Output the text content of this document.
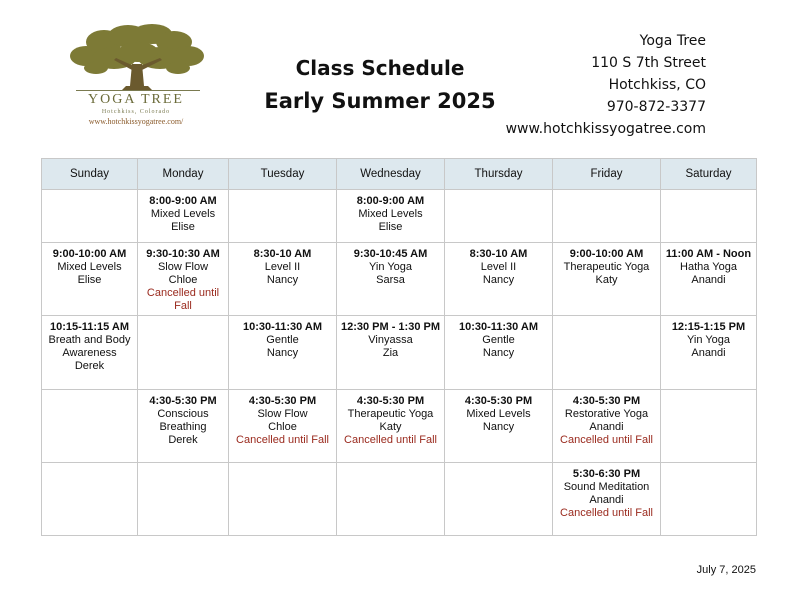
YOGA TREE
Hotchkiss, Colorado
www.hotchkissyogatree.com/
Class Schedule
Early Summer 2025
Yoga Tree
110 S 7th Street
Hotchkiss, CO
970-872-3377
www.hotchkissyogatree.com
Sunday	Monday	Tuesday	Wednesday	Thursday	Friday	Saturday

	8:00-9:00 AM
Mixed Levels
Elise		8:00-9:00 AM
Mixed Levels
Elise			

9:00-10:00 AM
Mixed Levels
Elise	9:30-10:30 AM
Slow Flow
Chloe
Cancelled until Fall	8:30-10 AM
Level II
Nancy	9:30-10:45 AM
Yin Yoga
Sarsa	8:30-10 AM
Level II
Nancy	9:00-10:00 AM
Therapeutic Yoga
Katy	11:00 AM - Noon
Hatha Yoga
Anandi

10:15-11:15 AM
Breath and Body Awareness
Derek		10:30-11:30 AM
Gentle
Nancy	12:30 PM - 1:30 PM
Vinyassa
Zia	10:30-11:30 AM
Gentle
Nancy		12:15-1:15 PM
Yin Yoga
Anandi

	4:30-5:30 PM
Conscious Breathing
Derek	4:30-5:30 PM
Slow Flow
Chloe
Cancelled until Fall	4:30-5:30 PM
Therapeutic Yoga
Katy
Cancelled until Fall	4:30-5:30 PM
Mixed Levels
Nancy	4:30-5:30 PM
Restorative Yoga
Anandi
Cancelled until Fall	

					5:30-6:30 PM
Sound Meditation
Anandi
Cancelled until Fall	

July 7, 2025
